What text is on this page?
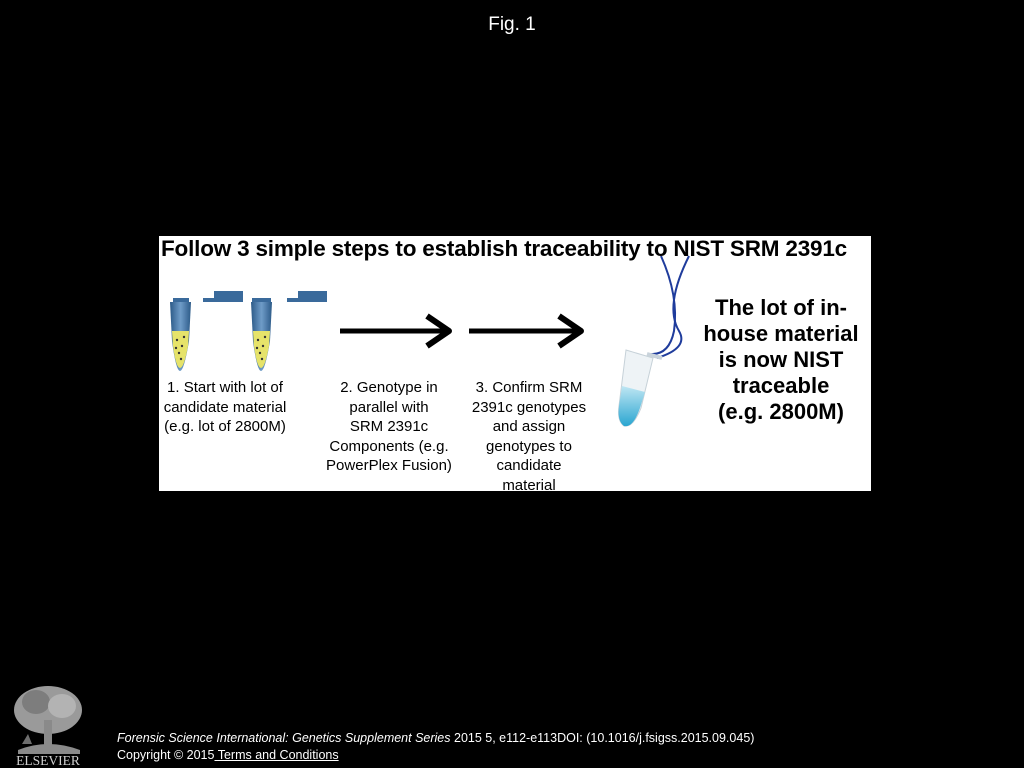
Fig. 1
Follow 3 simple steps to establish traceability to NIST SRM 2391c
1. Start with lot of
candidate material
(e.g. lot of 2800M)
2. Genotype in
parallel with
SRM 2391c
Components (e.g.
PowerPlex Fusion)
3. Confirm SRM
2391c genotypes
and assign
genotypes to
candidate
material
The lot of in-
house material
is now NIST
traceable
(e.g. 2800M)
ELSEVIER
Forensic Science International: Genetics Supplement Series 2015 5, e112-e113DOI: (10.1016/j.fsigss.2015.09.045)
Copyright © 2015 Terms and Conditions
